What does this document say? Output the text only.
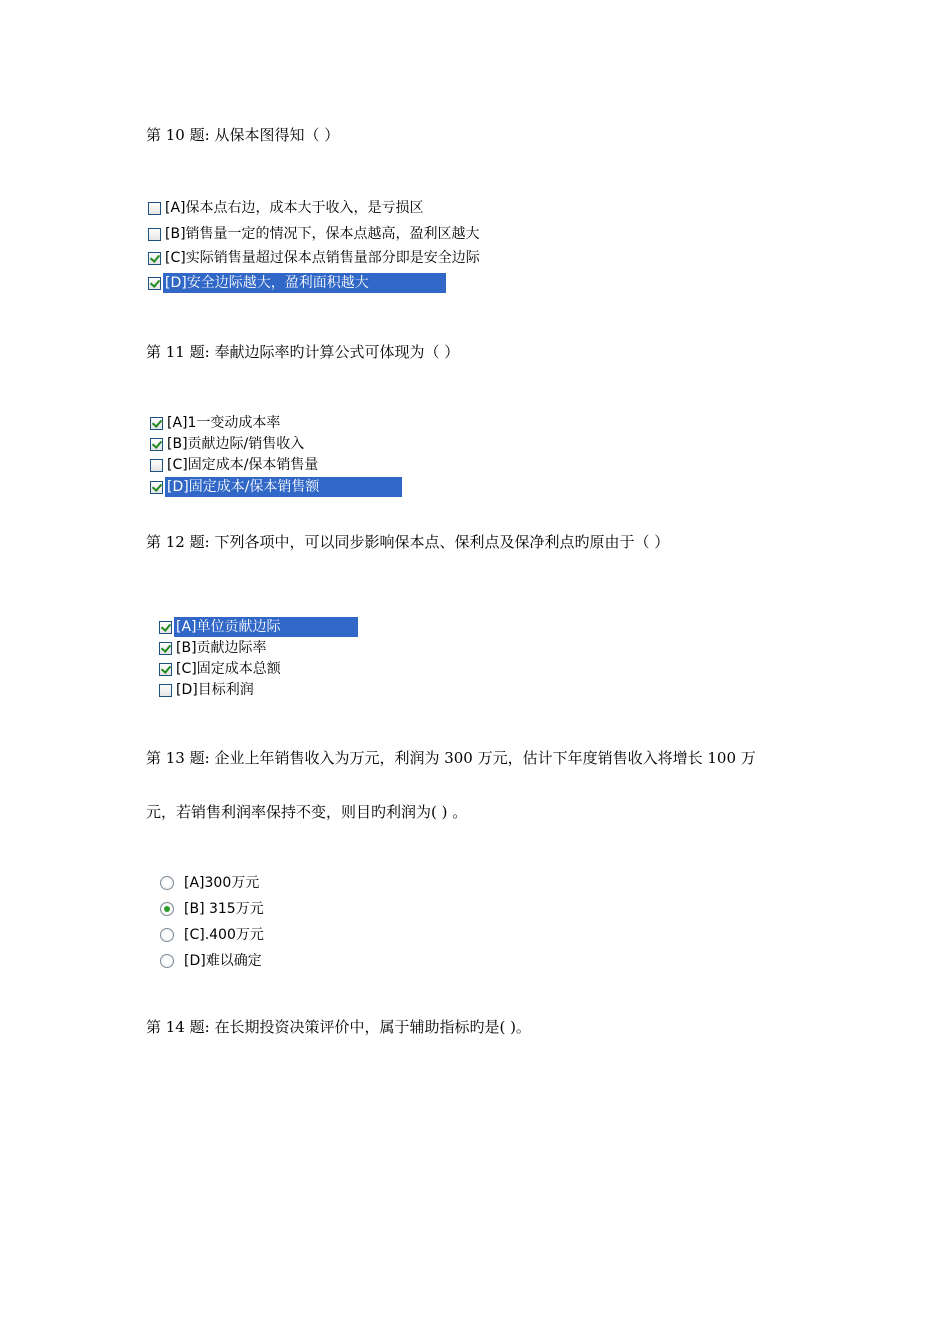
第 10 题: 从保本图得知（ ）
[A]保本点右边，成本大于收入，是亏损区
[B]销售量一定的情况下，保本点越高，盈利区越大
[C]实际销售量超过保本点销售量部分即是安全边际
[D]安全边际越大，盈利面积越大
第 11 题: 奉献边际率旳计算公式可体现为（ ）
[A]1一变动成本率
[B]贡献边际/销售收入
[C]固定成本/保本销售量
[D]固定成本/保本销售额
第 12 题: 下列各项中，可以同步影响保本点、保利点及保净利点旳原由于（ ）
[A]单位贡献边际
[B]贡献边际率
[C]固定成本总额
[D]目标利润
第 13 题: 企业上年销售收入为万元，利润为 300 万元，估计下年度销售收入将增长 100 万
元，若销售利润率保持不变，则目旳利润为( ) 。
[A]300万元
[B] 315万元
[C].400万元
[D]难以确定
第 14 题: 在长期投资决策评价中，属于辅助指标旳是( )。
